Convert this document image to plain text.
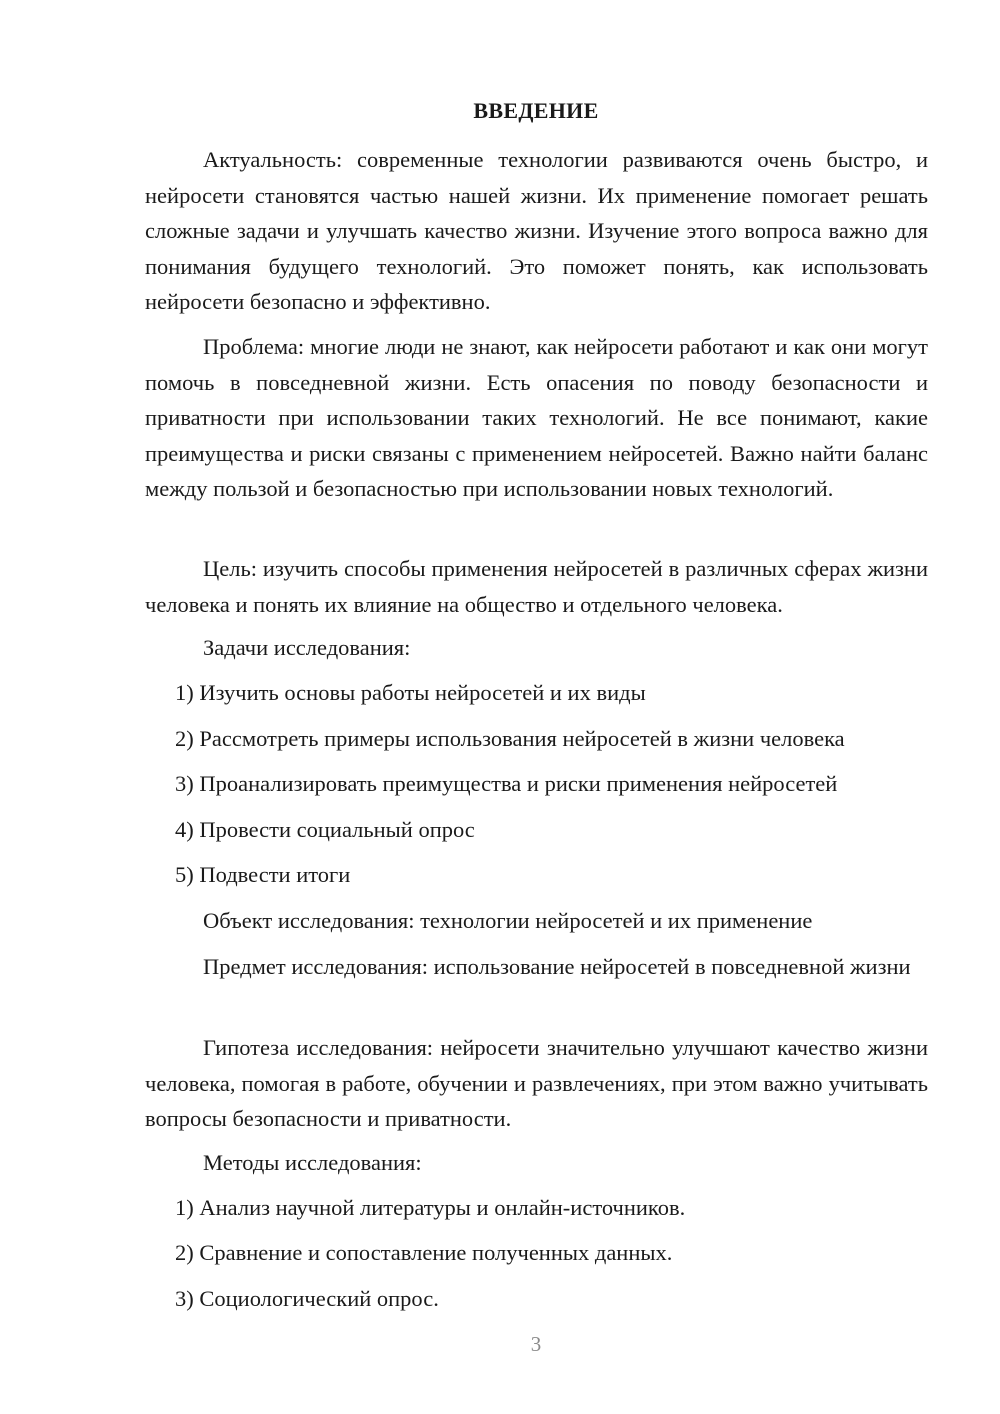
ВВЕДЕНИЕ

Актуальность: современные технологии развиваются очень быстро, и нейросети становятся частью нашей жизни. Их применение помогает решать сложные задачи и улучшать качество жизни. Изучение этого вопроса важно для понимания будущего технологий. Это поможет понять, как использовать нейросети безопасно и эффективно.

Проблема: многие люди не знают, как нейросети работают и как они могут помочь в повседневной жизни. Есть опасения по поводу безопасности и приватности при использовании таких технологий. Не все понимают, какие преимущества и риски связаны с применением нейросетей. Важно найти баланс между пользой и безопасностью при использовании новых технологий.

Цель: изучить способы применения нейросетей в различных сферах жизни человека и понять их влияние на общество и отдельного человека.

Задачи исследования:
1) Изучить основы работы нейросетей и их виды
2) Рассмотреть примеры использования нейросетей в жизни человека
3) Проанализировать преимущества и риски применения нейросетей
4) Провести социальный опрос
5) Подвести итоги
Объект исследования: технологии нейросетей и их применение

Предмет исследования: использование нейросетей в повседневной жизни

Гипотеза исследования: нейросети значительно улучшают качество жизни человека, помогая в работе, обучении и развлечениях, при этом важно учитывать вопросы безопасности и приватности.

Методы исследования:
1) Анализ научной литературы и онлайн-источников.
2) Сравнение и сопоставление полученных данных.
3) Социологический опрос.
3
